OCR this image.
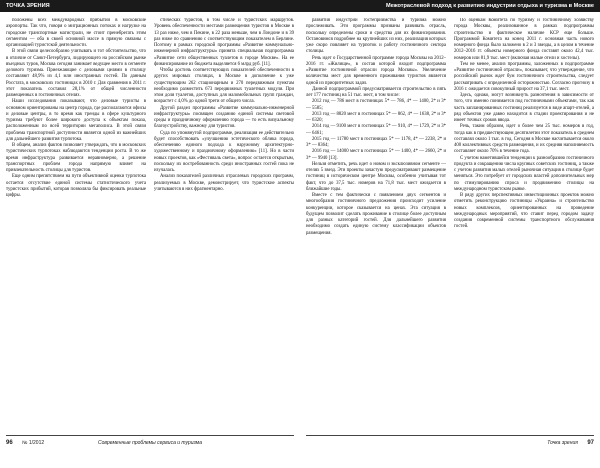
ТОЧКА ЗРЕНИЯ

положены всех международных прибытий в московские аэропорты. Так что, говоря о миграционных потоках и нагрузке на городские транспортные магистрали, не стоит пренебрегать этим сегментом — оба в своей основной массе в прямую связаны с организацией туристской деятельности.

В этой связи целесообразно учитывать и тот обстоятельство, что в отличие от Санкт-Петербурга, лидирующего на российском рынке въездных туров, Москва сегодня занимает ведущее место в сегменте делового туризма. Приезжающие с деловыми целями в столицу составляют 48,9% из 4,1 млн иностранных гостей. По данным Росстата, в московских гостиницах в 2010 г. Для сравнения в 2011 г. этот показатель составил 28,1% от общей численности размещенных в гостиничных отелях.

Наши исследования показывают, что деловые туристы в основном ориентированы на центр города, где располагаются офисы и деловые центры, в то время как тренды в сфере культурного туризма требуют более широкого доступа к объектам показа, расположенным по всей территории мегаполиса. В этой связи проблема транспортной доступности является одной из важнейших для дальнейшего развития турпотока.

В общем, анализ фактов позволяет утверждать, что в московских туристических турпотоках наблюдаются тенденции роста. В то же время инфраструктура развивается неравномерно, а решение транспортных проблем города напрямую влияет на привлекательность столицы для туристов.

Еще одним препятствием на пути объективной оценки турпотока остается отсутствие единой системы статистического учета туристских прибытий, которая позволяла бы фиксировать реальные цифры.

стических туристов, в том числе и туристских маршрутов. Уровень обеспеченности местами размещения туристов в Москве в 13 раз ниже, чем в Пекине, в 22 раза меньше, чем в Лондоне и в 39 раз ниже по сравнению с соответствующим показателем в Берлине. Поэтому в рамках городской программы «Развитие коммунально-инженерной инфраструктуры» принята специальная подпрограмма «Развитие сети общественных туалетов в городе Москве». На ее финансирование из бюджета выделяется 6 млрд руб. [11].

Чтобы достичь соответствующих показателей обеспеченности в других мировых столицах, в Москве в дополнение к уже существующим 262 стационарным и 270 передвижным пунктам необходимо разместить 673 передвижных туалетных модуля. При этом доля туалетов, доступных для маломобильных групп граждан, возрастет с 4,0% до одной трети от общего числа.

Другой раздел программы «Развитие коммунально-инженерной инфраструктуры» посвящен созданию единой системы световой среды и праздничному оформлению города — то есть визуальному благоустройству, важному для туристов.

Суда по упомянутой подпрограмме, реализация ее действительно будет способствовать «улучшению эстетического облика города, обеспечению единого подхода к наружному архитектурно-художественному и праздничному оформлению» [11]. Но в части новых проектов, как «Фестиваль света», вопрос остается открытым, поскольку их востребованность среди иностранных гостей пока не изучалась.

Анализ показателей различных отраслевых городских программ, реализуемых в Москве, демонстрирует, что туристские аспекты учитываются в них фрагментарно.

96 № 1/2012	Современные проблемы сервиса и туризма
Межотраслевой подход к развитию индустрии отдыха и туризма в Москве

развития индустрии гостеприимства и туризма можно прослеживать. Эти программы призваны развивать отрасль, поскольку определены сроки и средства для их финансирования. Остановимся подробнее на крупнейших из них, реализация которых уже скоро повлияет на турпоток и работу гостиничного сектора столицы.

Речь идет о Государственной программе города Москвы на 2012–2016 гг. «Жилище», в состав которой входит подпрограмма «Развитие гостиничной отрасли города Москвы». Увеличение количества мест для временного проживания туристов является одной из приоритетных задач.

Данной подпрограммой предусматривается строительство в пять лет 177 гостиниц на 51 тыс. мест, в том числе:

2012 год — 786 мест в гостиницах 5* — 786, 4* — 1400, 2* и 3* — 5585;

2013 год — 8820 мест в гостиницах 5* — 862, 4* — 1638, 2* и 3* — 6320;

2014 год — 9100 мест в гостиницах 5* — 910, 4* — 1729, 2* и 3* — 6461;

2015 год — 11780 мест в гостиницах 5* — 1178, 4* — 2238, 2* и 3* — 8364;

2016 год — 14000 мест в гостиницах 5* — 1400, 4* — 2660, 2* и 3* — 9940 [13].

Нельзя отметить, речь идет о новом и эксклюзивном сегменте — отелях 5 звезд. Эти проекты зачастую предусматривают размещение гостиниц в историческом центре Москвы, особенно учитывая тот факт, что до 37,5 тыс. номеров на 71,8 тыс. мест ожидается в ближайшие годы.

Вместе с тем фактически с появлением двух сегментов и многообразия гостиничного предложения происходит усиление конкуренции, которое сказывается на ценах. Эта ситуация в будущем позволит сделать проживание в столице более доступным для разных категорий гостей. Для дальнейшего развития необходимо создать единую систему классификации объектов размещения.

По оценкам Комитета по туризму и гостиничному хозяйству города Москвы, реализованное в рамках подпрограммы строительство и фактическое наличие КСР еще больше. Программой Комитета на конец 2011 г. основная часть нового номерного фонда было заложено в 2 и 3 звезды, а в целом в течение 2012–2016 гг. объекты номерного фонда составят около 42,4 тыс. номеров или 81,9 тыс. мест (включая малые отели и хостелы).

Тем не менее, анализ программы, заложенных в подпрограмме «Развитие гостиничной отрасли», показывает, что утверждение, что российский рынок ждет бум гостиничного строительства, следует рассматривать с определенной осторожностью. Согласно прогнозу в 2016 г. ожидается совокупный прирост на 37,1 тыс. мест.

Здесь, однако, могут возникнуть разночтения в зависимости от того, что именно понимается под гостиничными объектами, так как часть запланированных гостиниц реализуется в виде апарт-отелей, а ряд объектов уже давно находится в стадии проектирования и не имеет точных сроков ввода.

Речь, таким образом, идет о более чем 25 тыс. номеров в год, тогда как в предшествующем десятилетии этот показатель в среднем составлял около 1 тыс. в год. Сегодня в Москве насчитывается около 400 коллективных средств размещения, и их средняя наполняемость составляет около 70% в течение года.

С учетом наметившейся тенденции к разнообразию гостиничного продукта и сокращению числа крупных советских гостиниц, а также с учетом развития малых отелей рыночная ситуация в столице будет меняться. Это потребует от городских властей дополнительных мер по стимулированию спроса и продвижению столицы на международном туристском рынке.

В ряду других перспективных инвестиционных проектов можно отметить реконструкцию гостиницы «Украина» и строительство новых комплексов, ориентированных на проведение международных мероприятий, что ставит перед городом задачу создания современной системы транспортного обслуживания гостей.

Точка зрения 97
